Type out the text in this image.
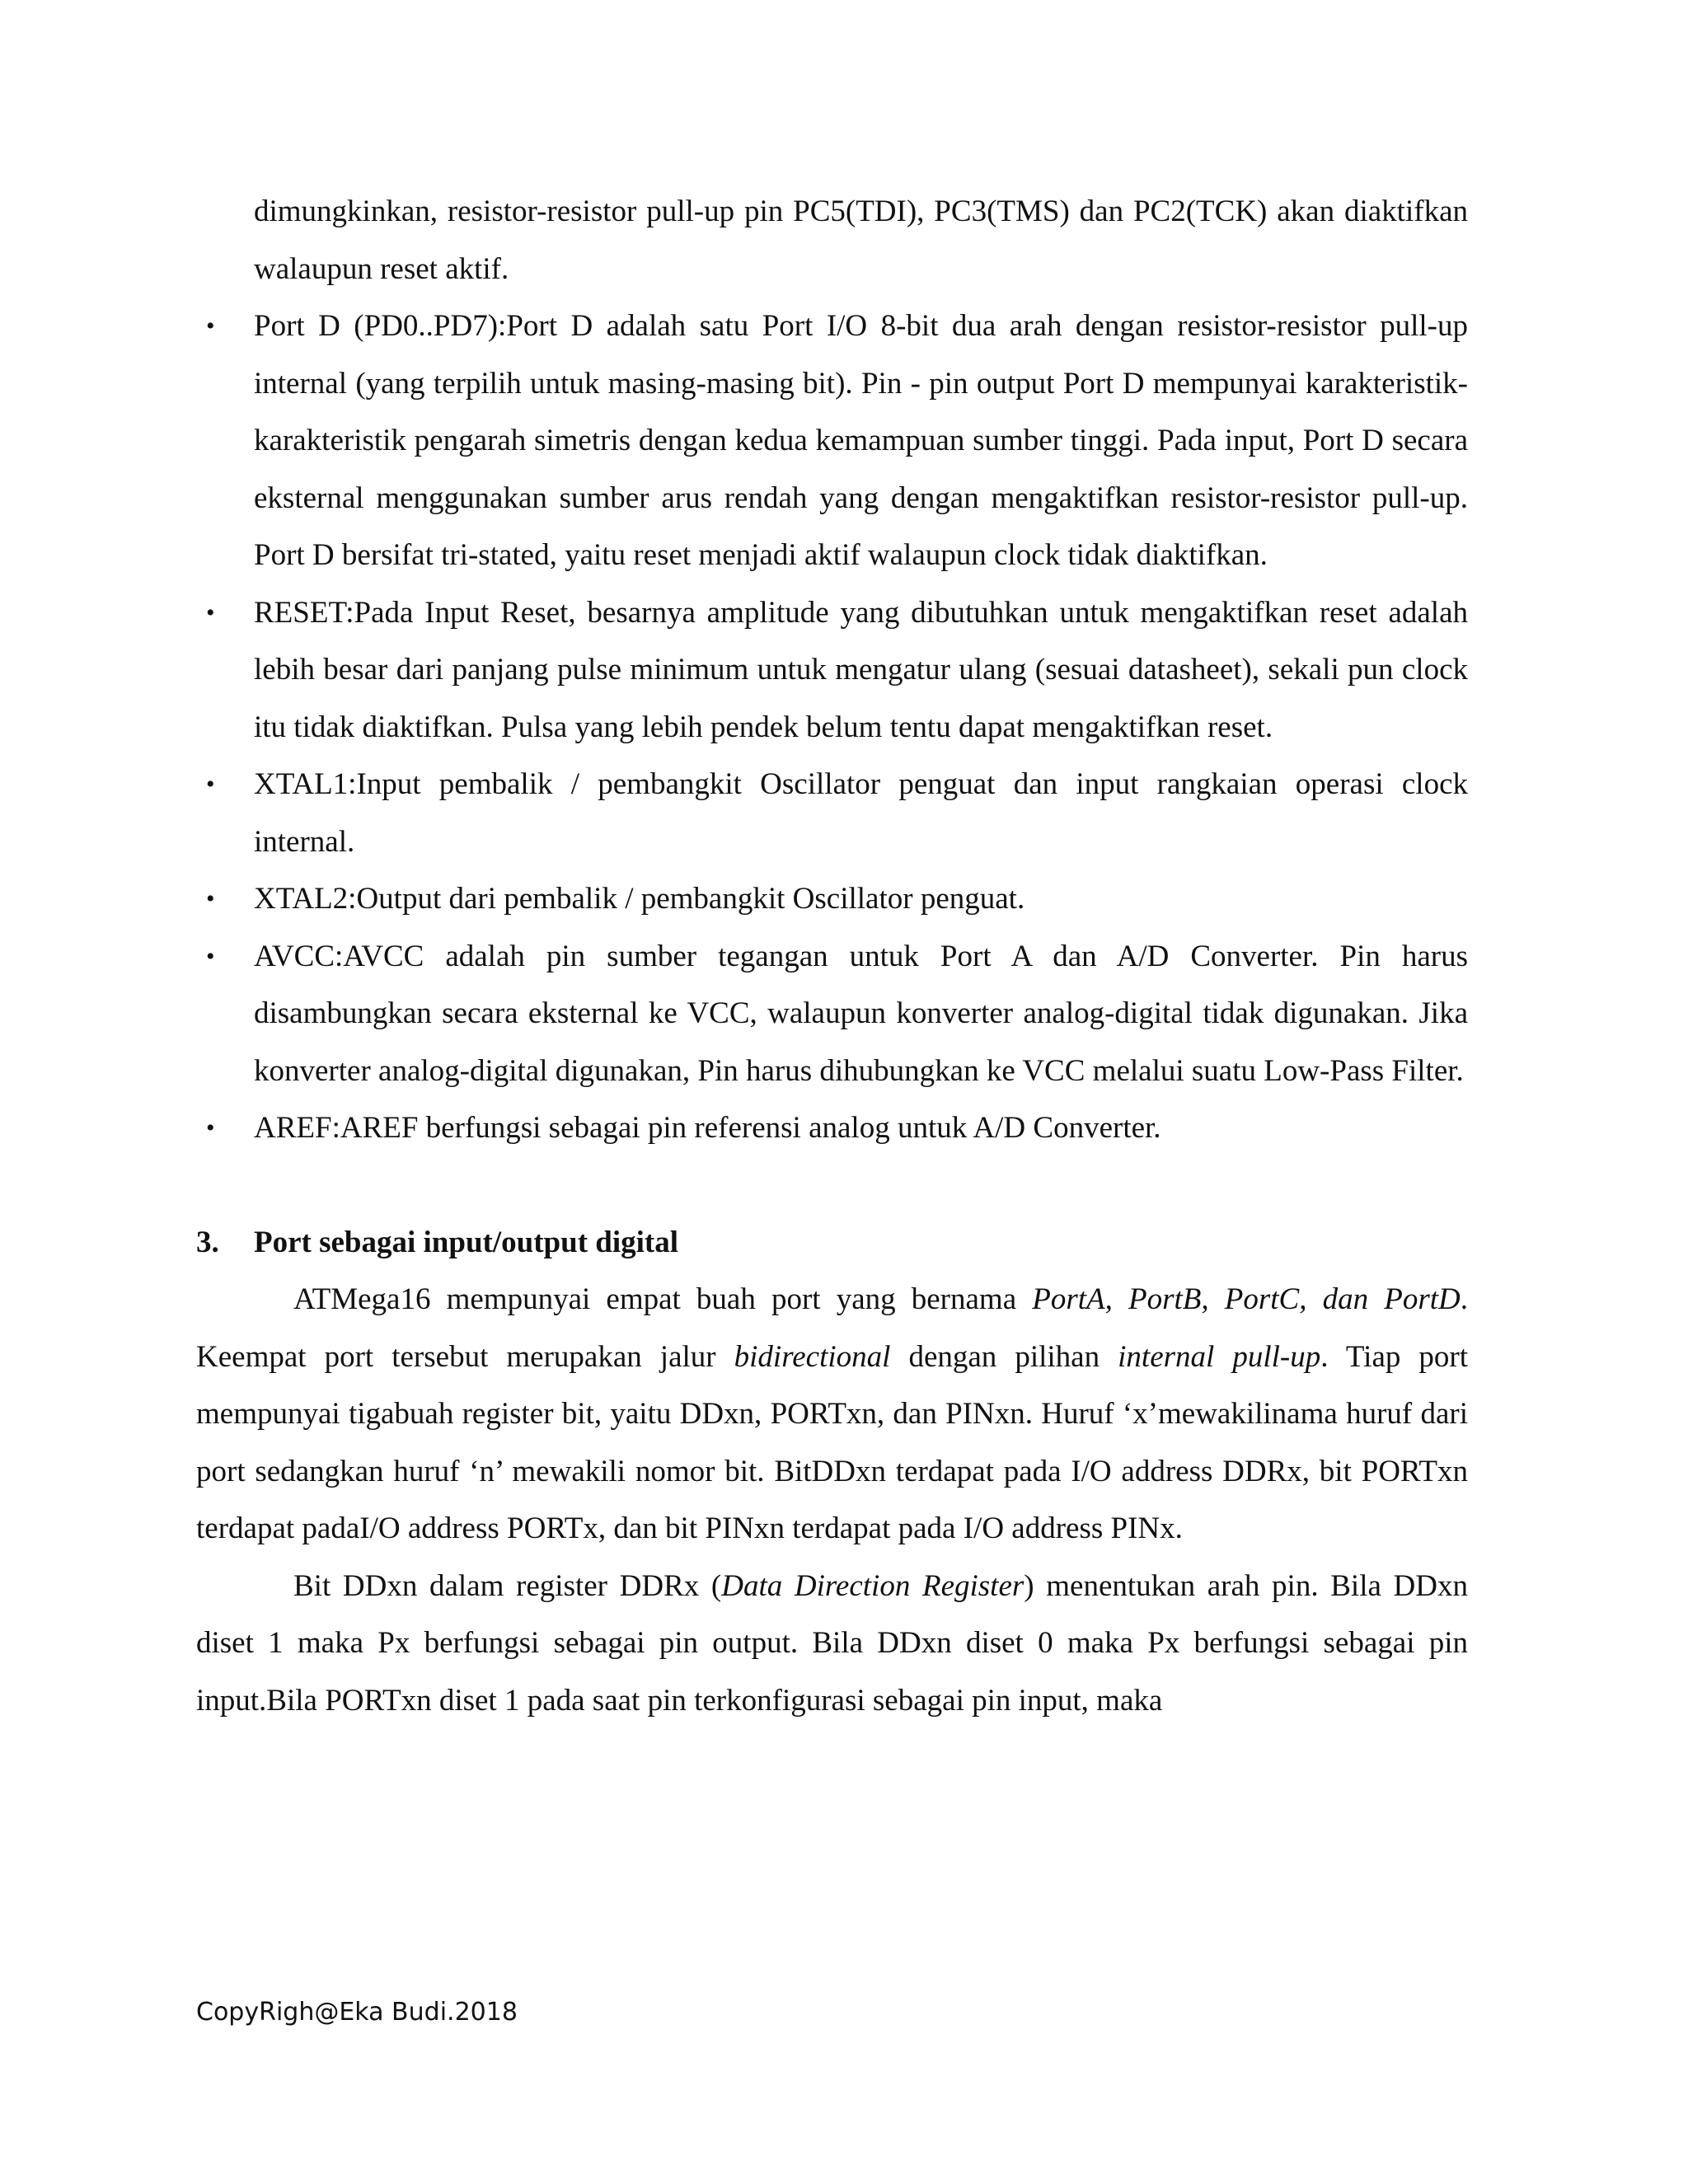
dimungkinkan, resistor-resistor pull-up pin PC5(TDI), PC3(TMS) dan PC2(TCK) akan diaktifkan walaupun reset aktif.
• Port D (PD0..PD7):Port D adalah satu Port I/O 8-bit dua arah dengan resistor-resistor pull-up internal (yang terpilih untuk masing-masing bit). Pin - pin output Port D mempunyai karakteristik-karakteristik pengarah simetris dengan kedua kemampuan sumber tinggi. Pada input, Port D secara eksternal menggunakan sumber arus rendah yang dengan mengaktifkan resistor-resistor pull-up. Port D bersifat tri-stated, yaitu reset menjadi aktif walaupun clock tidak diaktifkan.
• RESET:Pada Input Reset, besarnya amplitude yang dibutuhkan untuk mengaktifkan reset adalah lebih besar dari panjang pulse minimum untuk mengatur ulang (sesuai datasheet), sekali pun clock itu tidak diaktifkan. Pulsa yang lebih pendek belum tentu dapat mengaktifkan reset.
• XTAL1:Input pembalik / pembangkit Oscillator penguat dan input rangkaian operasi clock internal.
• XTAL2:Output dari pembalik / pembangkit Oscillator penguat.
• AVCC:AVCC adalah pin sumber tegangan untuk Port A dan A/D Converter. Pin harus disambungkan secara eksternal ke VCC, walaupun konverter analog-digital tidak digunakan. Jika konverter analog-digital digunakan, Pin harus dihubungkan ke VCC melalui suatu Low-Pass Filter.
• AREF:AREF berfungsi sebagai pin referensi analog untuk A/D Converter.
3.	Port sebagai input/output digital

ATMega16 mempunyai empat buah port yang bernama PortA, PortB, PortC, dan PortD. Keempat port tersebut merupakan jalur bidirectional dengan pilihan internal pull-up. Tiap port mempunyai tigabuah register bit, yaitu DDxn, PORTxn, dan PINxn. Huruf ‘x’mewakilinama huruf dari port sedangkan huruf ‘n’ mewakili nomor bit. BitDDxn terdapat pada I/O address DDRx, bit PORTxn terdapat padaI/O address PORTx, dan bit PINxn terdapat pada I/O address PINx.

Bit DDxn dalam register DDRx (Data Direction Register) menentukan arah pin. Bila DDxn diset 1 maka Px berfungsi sebagai pin output. Bila DDxn diset 0 maka Px berfungsi sebagai pin input.Bila PORTxn diset 1 pada saat pin terkonfigurasi sebagai pin input, maka

CopyRigh@Eka Budi.2018
